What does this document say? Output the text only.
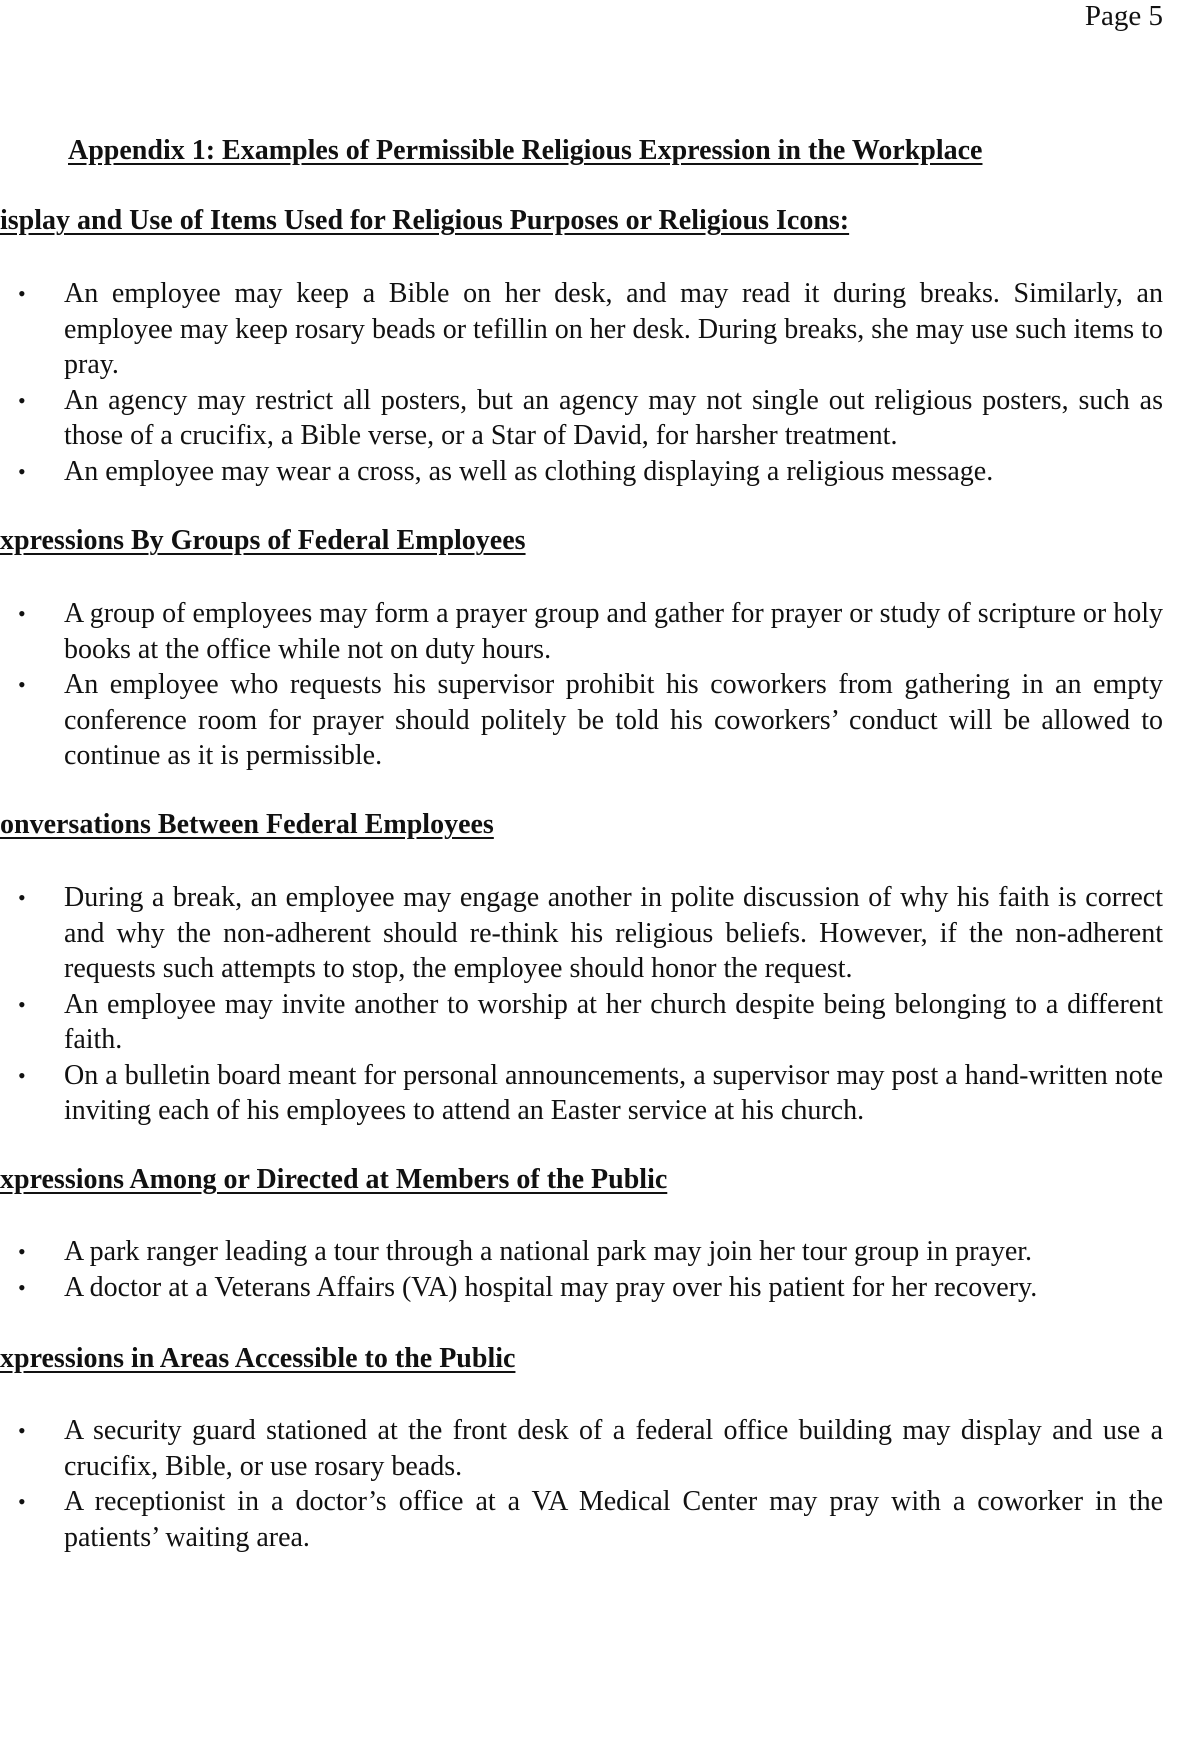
Page 5
Appendix 1: Examples of Permissible Religious Expression in the Workplace
isplay and Use of Items Used for Religious Purposes or Religious Icons:
• An employee may keep a Bible on her desk, and may read it during breaks. Similarly, an employee may keep rosary beads or tefillin on her desk. During breaks, she may use such items to pray.
• An agency may restrict all posters, but an agency may not single out religious posters, such as those of a crucifix, a Bible verse, or a Star of David, for harsher treatment.
• An employee may wear a cross, as well as clothing displaying a religious message.
xpressions By Groups of Federal Employees
• A group of employees may form a prayer group and gather for prayer or study of scripture or holy books at the office while not on duty hours.
• An employee who requests his supervisor prohibit his coworkers from gathering in an empty conference room for prayer should politely be told his coworkers’ conduct will be allowed to continue as it is permissible.
onversations Between Federal Employees
• During a break, an employee may engage another in polite discussion of why his faith is correct and why the non-adherent should re-think his religious beliefs. However, if the non-adherent requests such attempts to stop, the employee should honor the request.
• An employee may invite another to worship at her church despite being belonging to a different faith.
• On a bulletin board meant for personal announcements, a supervisor may post a hand-written note inviting each of his employees to attend an Easter service at his church.
xpressions Among or Directed at Members of the Public
• A park ranger leading a tour through a national park may join her tour group in prayer.
• A doctor at a Veterans Affairs (VA) hospital may pray over his patient for her recovery.
xpressions in Areas Accessible to the Public
• A security guard stationed at the front desk of a federal office building may display and use a crucifix, Bible, or use rosary beads.
• A receptionist in a doctor’s office at a VA Medical Center may pray with a coworker in the patients’ waiting area.
